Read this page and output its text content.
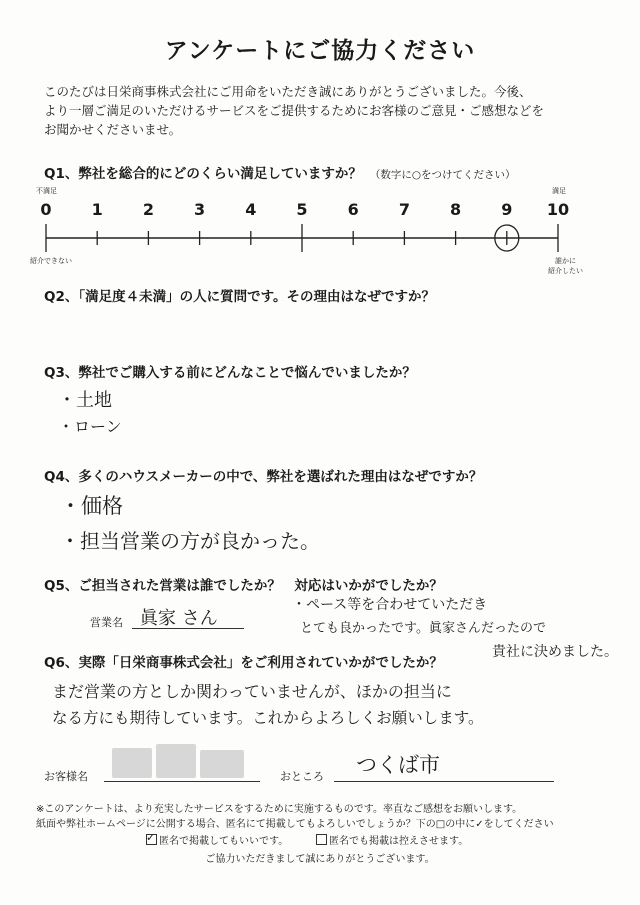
アンケートにご協力ください
このたびは日栄商事株式会社にご用命をいただき誠にありがとうございました。今後、
より一層ご満足のいただけるサービスをご提供するためにお客様のご意見・ご感想などを
お聞かせくださいませ。
Q1、弊社を総合的にどのくらい満足していますか？ （数字に○をつけてください）
不満足	満足
0	1	2	3	4	5	6	7	8	9	10
紹介できない	誰かに
紹介したい
Q2、「満足度４未満」の人に質問です。その理由はなぜですか？
Q3、弊社でご購入する前にどんなことで悩んでいましたか？
・土地
・ローン
Q4、多くのハウスメーカーの中で、弊社を選ばれた理由はなぜですか？
・価格
・担当営業の方が良かった。
Q5、ご担当された営業は誰でしたか？　対応はいかがでしたか？
営業名 眞家 さん
・ペース等を合わせていただき
とても良かったです。眞家さんだったので
貴社に決めました。
Q6、実際「日栄商事株式会社」をご利用されていかがでしたか？
まだ営業の方としか関わっていませんが、ほかの担当に
なる方にも期待しています。これからよろしくお願いします。
お客様名	おところ つくば市
※このアンケートは、より充実したサービスをするために実施するものです。率直なご感想をお願いします。
紙面や弊社ホームページに公開する場合、匿名にて掲載してもよろしいでしょうか？下の□の中に✓をしてください
✓ 匿名で掲載してもいいです。	匿名でも掲載は控えさせます。
ご協力いただきまして誠にありがとうございます。
